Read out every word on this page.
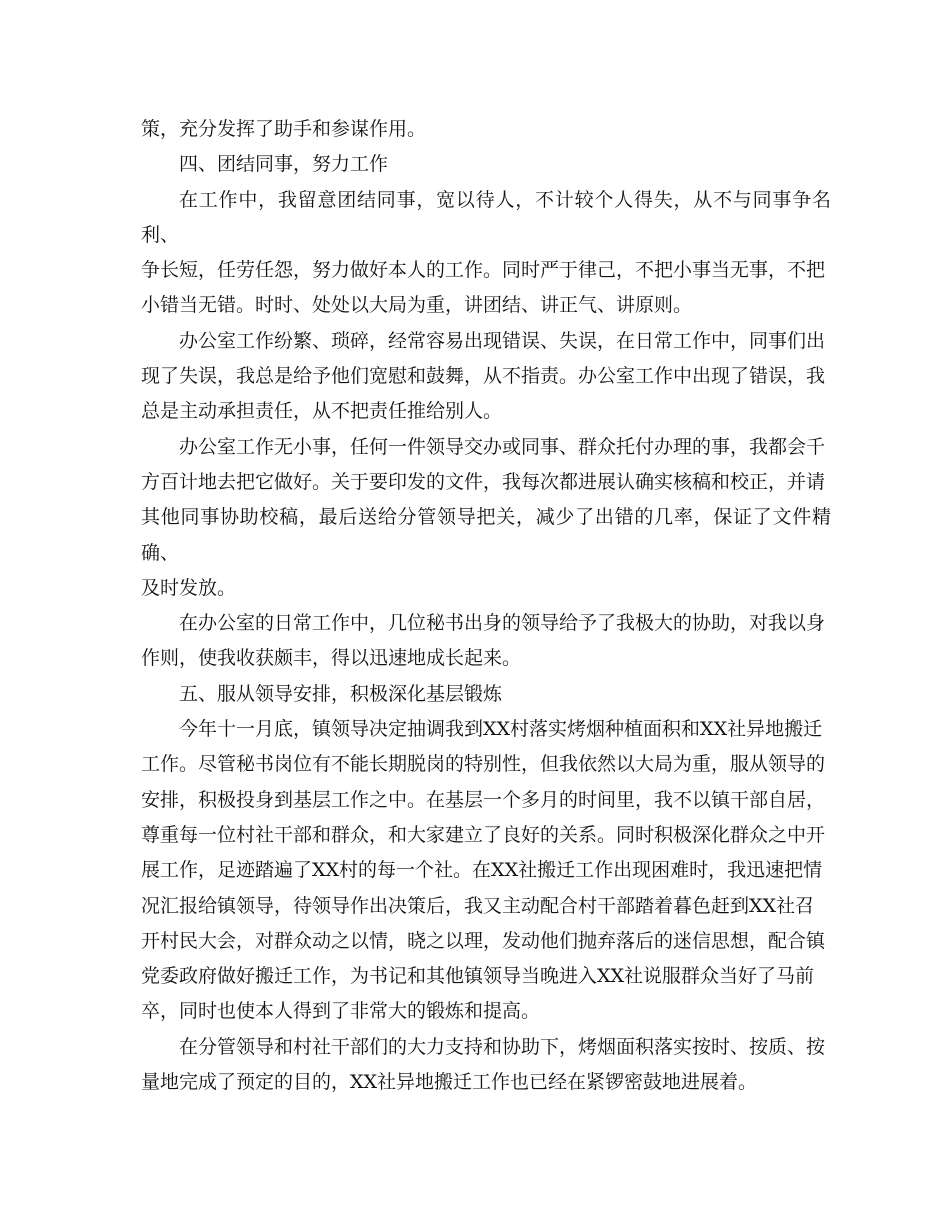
策，充分发挥了助手和参谋作用。

四、团结同事，努力工作

在工作中，我留意团结同事，宽以待人，不计较个人得失，从不与同事争名利、

争长短，任劳任怨，努力做好本人的工作。同时严于律己，不把小事当无事，不把

小错当无错。时时、处处以大局为重，讲团结、讲正气、讲原则。

办公室工作纷繁、琐碎，经常容易出现错误、失误，在日常工作中，同事们出

现了失误，我总是给予他们宽慰和鼓舞，从不指责。办公室工作中出现了错误，我

总是主动承担责任，从不把责任推给别人。

办公室工作无小事，任何一件领导交办或同事、群众托付办理的事，我都会千

方百计地去把它做好。关于要印发的文件，我每次都进展认确实核稿和校正，并请

其他同事协助校稿，最后送给分管领导把关，减少了出错的几率，保证了文件精确、

及时发放。

在办公室的日常工作中，几位秘书出身的领导给予了我极大的协助，对我以身

作则，使我收获颇丰，得以迅速地成长起来。

五、服从领导安排，积极深化基层锻炼

今年十一月底，镇领导决定抽调我到XX村落实烤烟种植面积和XX社异地搬迁

工作。尽管秘书岗位有不能长期脱岗的特别性，但我依然以大局为重，服从领导的

安排，积极投身到基层工作之中。在基层一个多月的时间里，我不以镇干部自居，

尊重每一位村社干部和群众，和大家建立了良好的关系。同时积极深化群众之中开

展工作，足迹踏遍了XX村的每一个社。在XX社搬迁工作出现困难时，我迅速把情

况汇报给镇领导，待领导作出决策后，我又主动配合村干部踏着暮色赶到XX社召

开村民大会，对群众动之以情，晓之以理，发动他们抛弃落后的迷信思想，配合镇

党委政府做好搬迁工作，为书记和其他镇领导当晚进入XX社说服群众当好了马前

卒，同时也使本人得到了非常大的锻炼和提高。

在分管领导和村社干部们的大力支持和协助下，烤烟面积落实按时、按质、按

量地完成了预定的目的，XX社异地搬迁工作也已经在紧锣密鼓地进展着。
